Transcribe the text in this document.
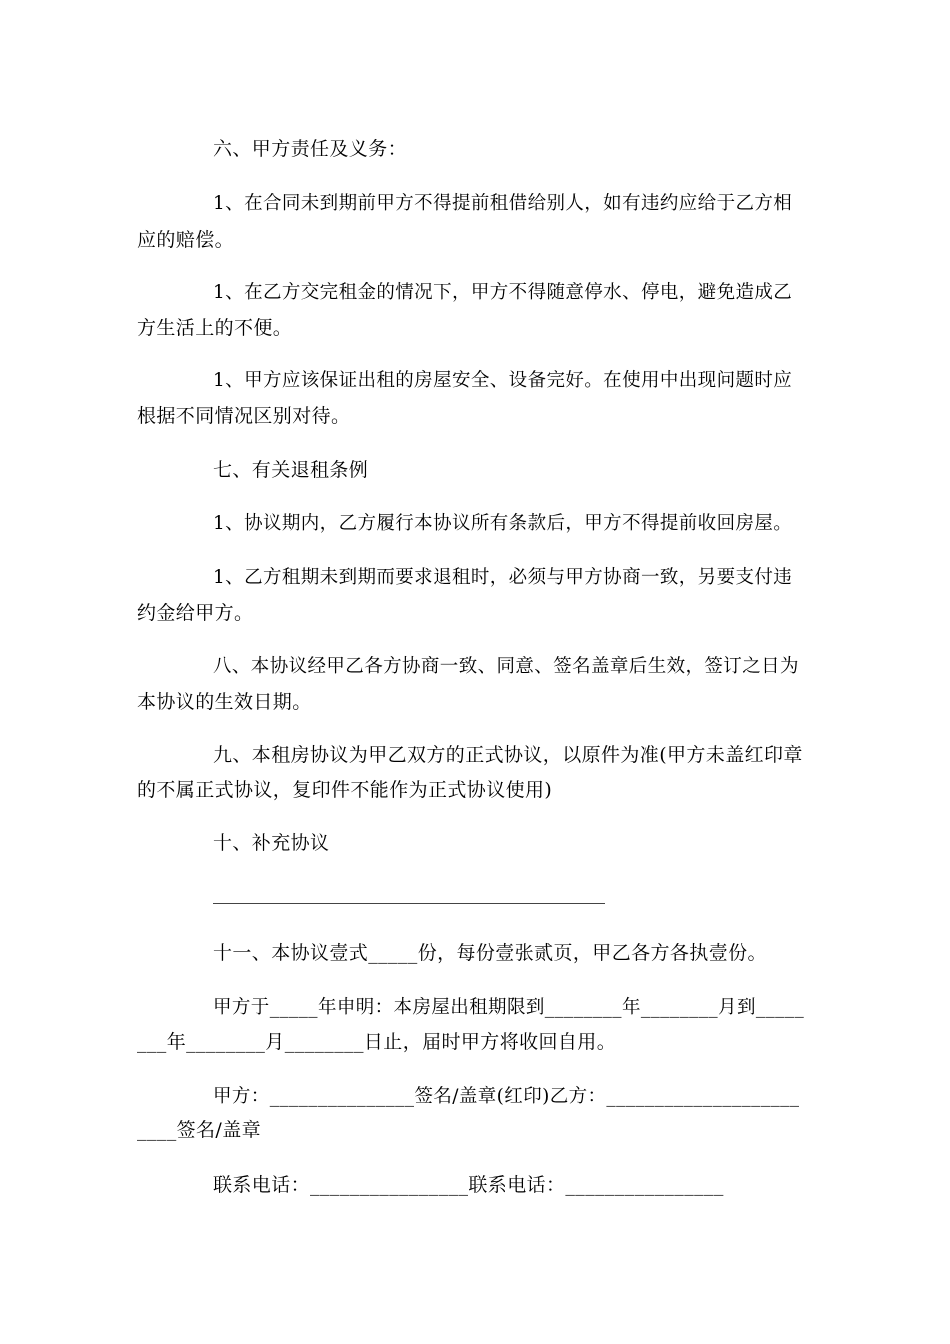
六、甲方责任及义务：
1、在合同未到期前甲方不得提前租借给别人，如有违约应给于乙方相
应的赔偿。
1、在乙方交完租金的情况下，甲方不得随意停水、停电，避免造成乙
方生活上的不便。
1、甲方应该保证出租的房屋安全、设备完好。在使用中出现问题时应
根据不同情况区别对待。
七、有关退租条例
1、协议期内，乙方履行本协议所有条款后，甲方不得提前收回房屋。
1、乙方租期未到期而要求退租时，必须与甲方协商一致，另要支付违
约金给甲方。
八、本协议经甲乙各方协商一致、同意、签名盖章后生效，签订之日为
本协议的生效日期。
九、本租房协议为甲乙双方的正式协议，以原件为准(甲方未盖红印章
的不属正式协议，复印件不能作为正式协议使用)
十、补充协议
十一、本协议壹式_____份，每份壹张贰页，甲乙各方各执壹份。
甲方于_____年申明：本房屋出租期限到________年________月到_____
___年________月________日止，届时甲方将收回自用。
甲方：_______________签名/盖章(红印)乙方：____________________
____签名/盖章
联系电话：________________联系电话：________________
